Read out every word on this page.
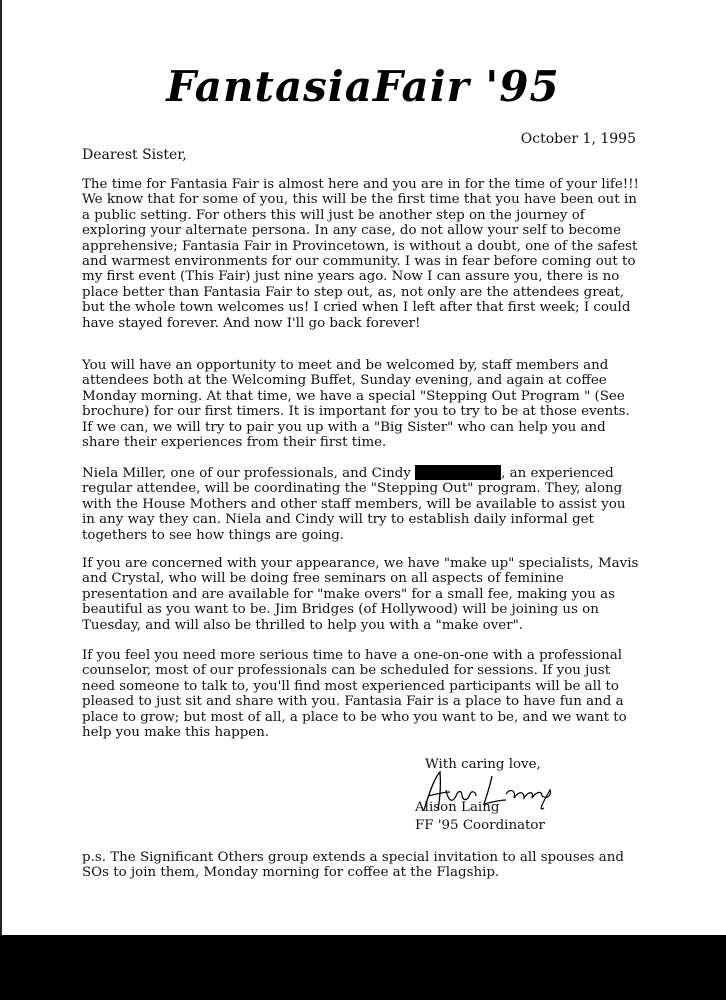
FantasiaFair '95
October 1, 1995
Dearest Sister,

The time for Fantasia Fair is almost here and you are in for the time of your life!!! We know that for some of you, this will be the first time that you have been out in a public setting. For others this will just be another step on the journey of exploring your alternate persona. In any case, do not allow your self to become apprehensive; Fantasia Fair in Provincetown, is without a doubt, one of the safest and warmest environments for our community. I was in fear before coming out to my first event (This Fair) just nine years ago. Now I can assure you, there is no place better than Fantasia Fair to step out, as, not only are the attendees great, but the whole town welcomes us! I cried when I left after that first week; I could have stayed forever. And now I'll go back forever!

You will have an opportunity to meet and be welcomed by, staff members and attendees both at the Welcoming Buffet, Sunday evening, and again at coffee Monday morning. At that time, we have a special "Stepping Out Program " (See brochure) for our first timers. It is important for you to try to be at those events. If we can, we will try to pair you up with a "Big Sister" who can help you and share their experiences from their first time.

Niela Miller, one of our professionals, and Cindy	, an experienced regular attendee, will be coordinating the "Stepping Out" program. They, along with the House Mothers and other staff members, will be available to assist you in any way they can. Niela and Cindy will try to establish daily informal get togethers to see how things are going.

If you are concerned with your appearance, we have "make up" specialists, Mavis and Crystal, who will be doing free seminars on all aspects of feminine presentation and are available for "make overs" for a small fee, making you as beautiful as you want to be. Jim Bridges (of Hollywood) will be joining us on Tuesday, and will also be thrilled to help you with a "make over".

If you feel you need more serious time to have a one-on-one with a professional counselor, most of our professionals can be scheduled for sessions. If you just need someone to talk to, you'll find most experienced participants will be all to pleased to just sit and share with you. Fantasia Fair is a place to have fun and a place to grow; but most of all, a place to be who you want to be, and we want to help you make this happen.

With caring love,
Alison Laing
FF '95 Coordinator
p.s. The Significant Others group extends a special invitation to all spouses and SOs to join them, Monday morning for coffee at the Flagship.
